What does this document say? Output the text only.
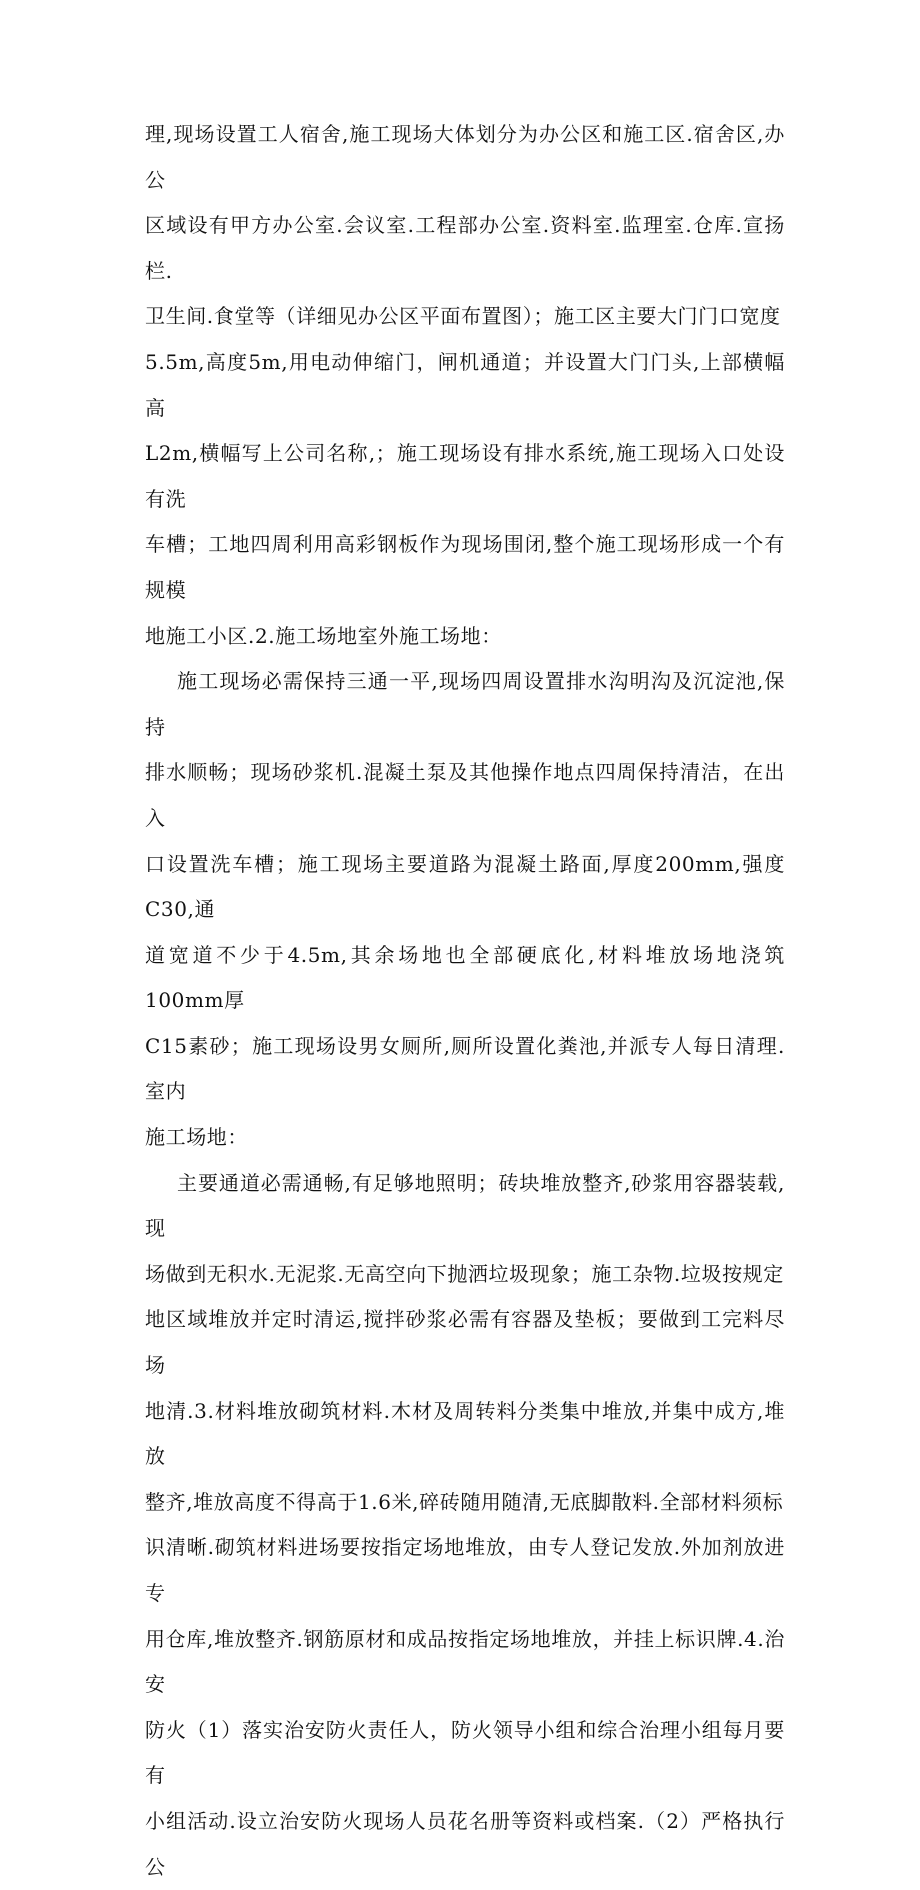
理,现场设置工人宿舍,施工现场大体划分为办公区和施工区.宿舍区,办公
区域设有甲方办公室.会议室.工程部办公室.资料室.监理室.仓库.宣扬栏.
卫生间.食堂等（详细见办公区平面布置图）；施工区主要大门门口宽度
5.5m,高度5m,用电动伸缩门，闸机通道；并设置大门门头,上部横幅高
L2m,横幅写上公司名称,；施工现场设有排水系统,施工现场入口处设有洗
车槽；工地四周利用高彩钢板作为现场围闭,整个施工现场形成一个有规模
地施工小区.2.施工场地室外施工场地：

施工现场必需保持三通一平,现场四周设置排水沟明沟及沉淀池,保持
排水顺畅；现场砂浆机.混凝土泵及其他操作地点四周保持清洁，在出入
口设置洗车槽；施工现场主要道路为混凝土路面,厚度200mm,强度C30,通
道宽道不少于4.5m,其余场地也全部硬底化,材料堆放场地浇筑100mm厚
C15素砂；施工现场设男女厕所,厕所设置化粪池,并派专人每日清理.室内
施工场地：

主要通道必需通畅,有足够地照明；砖块堆放整齐,砂浆用容器装载,现
场做到无积水.无泥浆.无高空向下抛洒垃圾现象；施工杂物.垃圾按规定
地区域堆放并定时清运,搅拌砂浆必需有容器及垫板；要做到工完料尽场
地清.3.材料堆放砌筑材料.木材及周转料分类集中堆放,并集中成方,堆放
整齐,堆放高度不得高于1.6米,碎砖随用随清,无底脚散料.全部材料须标
识清晰.砌筑材料进场要按指定场地堆放，由专人登记发放.外加剂放进专
用仓库,堆放整齐.钢筋原材和成品按指定场地堆放，并挂上标识牌.4.治安
防火（1）落实治安防火责任人，防火领导小组和综合治理小组每月要有
小组活动.设立治安防火现场人员花名册等资料或档案.（2）严格执行公
